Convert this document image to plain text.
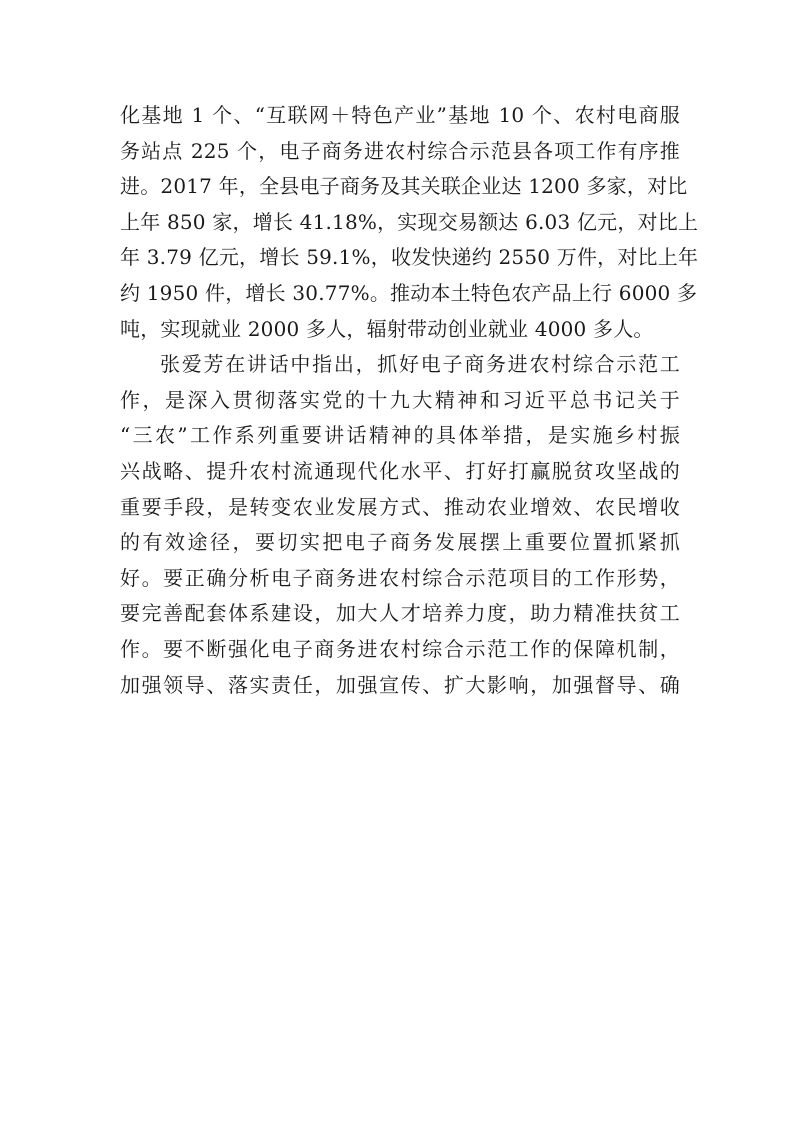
化基地 1 个、“互联网＋特色产业”基地 10 个、农村电商服
务站点 225 个，电子商务进农村综合示范县各项工作有序推
进。2017 年，全县电子商务及其关联企业达 1200 多家，对比
上年 850 家，增长 41.18%，实现交易额达 6.03 亿元，对比上
年 3.79 亿元，增长 59.1%，收发快递约 2550 万件，对比上年
约 1950 件，增长 30.77%。推动本土特色农产品上行 6000 多
吨，实现就业 2000 多人，辐射带动创业就业 4000 多人。

张爱芳在讲话中指出，抓好电子商务进农村综合示范工
作，是深入贯彻落实党的十九大精神和习近平总书记关于
“三农”工作系列重要讲话精神的具体举措，是实施乡村振
兴战略、提升农村流通现代化水平、打好打赢脱贫攻坚战的
重要手段，是转变农业发展方式、推动农业增效、农民增收
的有效途径，要切实把电子商务发展摆上重要位置抓紧抓
好。要正确分析电子商务进农村综合示范项目的工作形势，
要完善配套体系建设，加大人才培养力度，助力精准扶贫工
作。要不断强化电子商务进农村综合示范工作的保障机制，
加强领导、落实责任，加强宣传、扩大影响，加强督导、确
